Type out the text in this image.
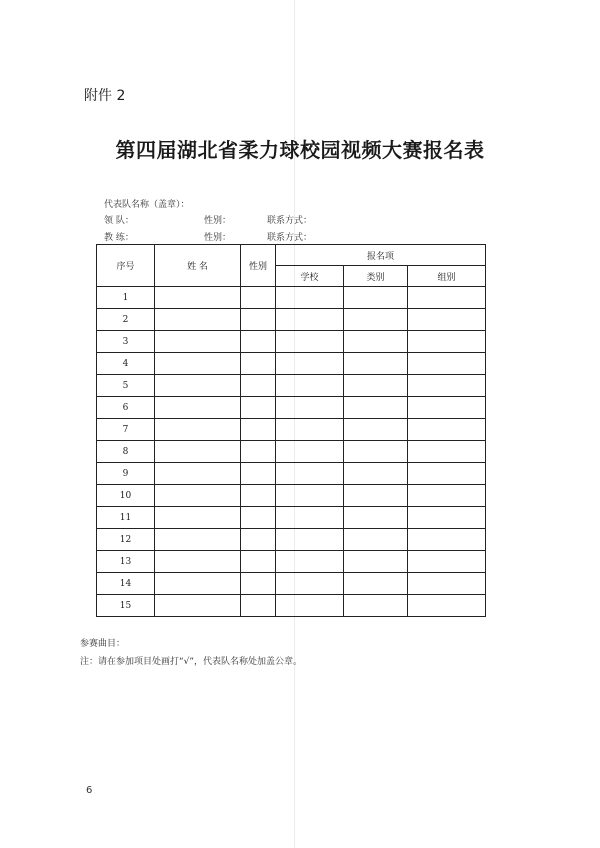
附件 2
第四届湖北省柔力球校园视频大赛报名表
代表队名称（盖章）：
领 队：	性别：	联系方式：
教 练：	性别：	联系方式：
序号	姓 名	性别	报名项		
			学校	类别	组别
1					
2					
3					
4					
5					
6					
7					
8					
9					
10					
11					
12					
13					
14					
15					
参赛曲目：
注：请在参加项目处画打“√”，代表队名称处加盖公章。
6
